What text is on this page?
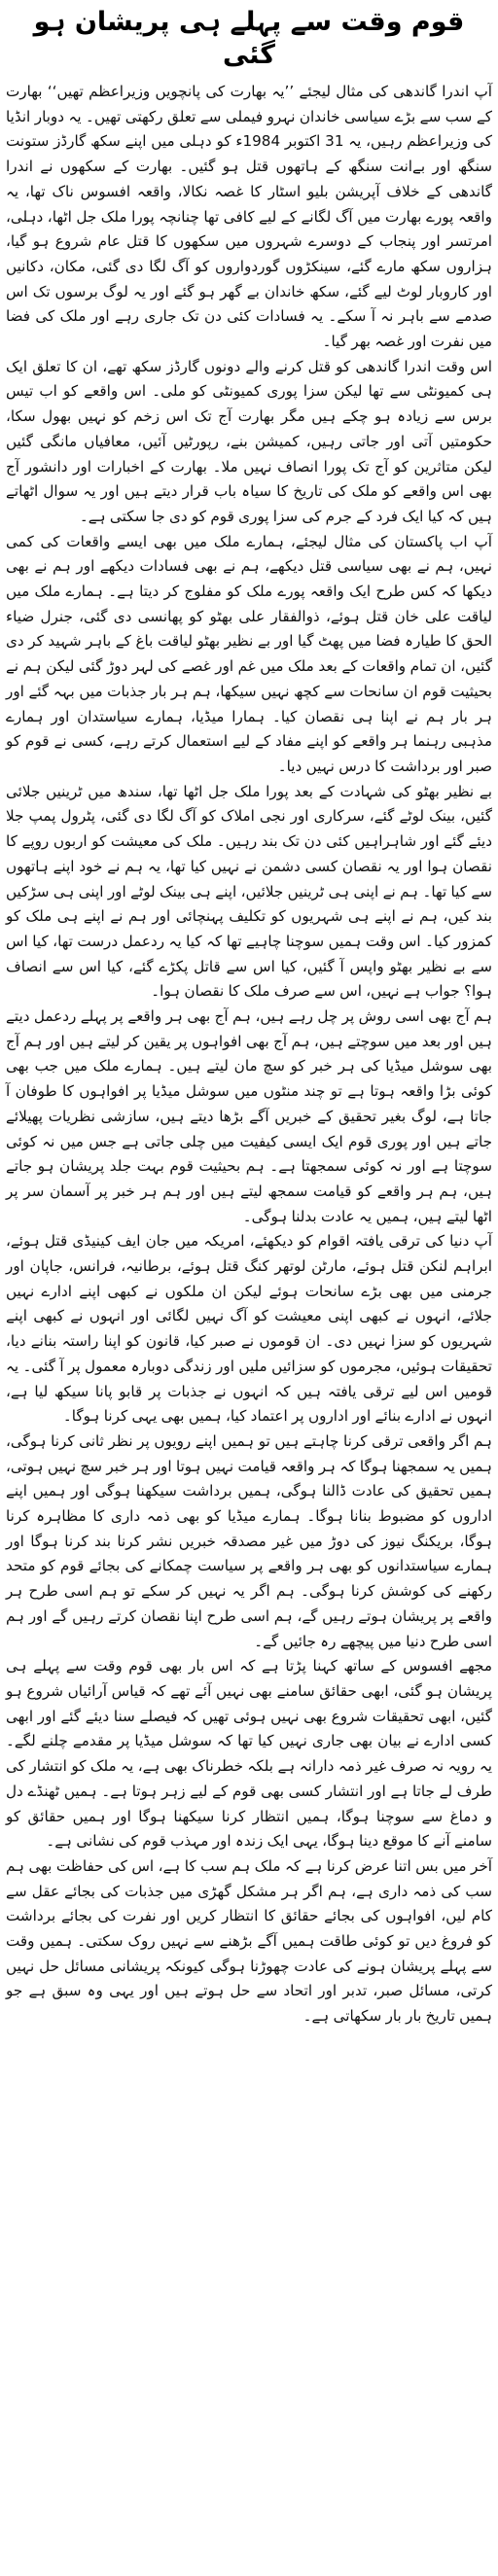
قوم وقت سے پہلے ہی پریشان ہو گئی

آپ اندرا گاندھی کی مثال لیجئے ’’یہ بھارت کی پانچویں وزیراعظم تھیں‘‘ بھارت کے سب سے بڑے سیاسی خاندان نہرو فیملی سے تعلق رکھتی تھیں۔ یہ دوبار انڈیا کی وزیراعظم رہیں، یہ 31 اکتوبر 1984ء کو دہلی میں اپنے سکھ گارڈز ستونت سنگھ اور بےانت سنگھ کے ہاتھوں قتل ہو گئیں۔ بھارت کے سکھوں نے اندرا گاندھی کے خلاف آپریشن بلیو اسٹار کا غصہ نکالا، واقعہ افسوس ناک تھا، یہ واقعہ پورے بھارت میں آگ لگانے کے لیے کافی تھا چنانچہ پورا ملک جل اٹھا، دہلی، امرتسر اور پنجاب کے دوسرے شہروں میں سکھوں کا قتل عام شروع ہو گیا، ہزاروں سکھ مارے گئے، سینکڑوں گوردواروں کو آگ لگا دی گئی، مکان، دکانیں اور کاروبار لوٹ لیے گئے، سکھ خاندان بے گھر ہو گئے اور یہ لوگ برسوں تک اس صدمے سے باہر نہ آ سکے۔ یہ فسادات کئی دن تک جاری رہے اور ملک کی فضا میں نفرت اور غصہ بھر گیا۔

اس وقت اندرا گاندھی کو قتل کرنے والے دونوں گارڈز سکھ تھے، ان کا تعلق ایک ہی کمیونٹی سے تھا لیکن سزا پوری کمیونٹی کو ملی۔ اس واقعے کو اب تیس برس سے زیادہ ہو چکے ہیں مگر بھارت آج تک اس زخم کو نہیں بھول سکا، حکومتیں آتی اور جاتی رہیں، کمیشن بنے، رپورٹیں آئیں، معافیاں مانگی گئیں لیکن متاثرین کو آج تک پورا انصاف نہیں ملا۔ بھارت کے اخبارات اور دانشور آج بھی اس واقعے کو ملک کی تاریخ کا سیاہ باب قرار دیتے ہیں اور یہ سوال اٹھاتے ہیں کہ کیا ایک فرد کے جرم کی سزا پوری قوم کو دی جا سکتی ہے۔

آپ اب پاکستان کی مثال لیجئے، ہمارے ملک میں بھی ایسے واقعات کی کمی نہیں، ہم نے بھی سیاسی قتل دیکھے، ہم نے بھی فسادات دیکھے اور ہم نے بھی دیکھا کہ کس طرح ایک واقعہ پورے ملک کو مفلوج کر دیتا ہے۔ ہمارے ملک میں لیاقت علی خان قتل ہوئے، ذوالفقار علی بھٹو کو پھانسی دی گئی، جنرل ضیاء الحق کا طیارہ فضا میں پھٹ گیا اور بے نظیر بھٹو لیاقت باغ کے باہر شہید کر دی گئیں، ان تمام واقعات کے بعد ملک میں غم اور غصے کی لہر دوڑ گئی لیکن ہم نے بحیثیت قوم ان سانحات سے کچھ نہیں سیکھا، ہم ہر بار جذبات میں بہہ گئے اور ہر بار ہم نے اپنا ہی نقصان کیا۔ ہمارا میڈیا، ہمارے سیاستدان اور ہمارے مذہبی رہنما ہر واقعے کو اپنے مفاد کے لیے استعمال کرتے رہے، کسی نے قوم کو صبر اور برداشت کا درس نہیں دیا۔

بے نظیر بھٹو کی شہادت کے بعد پورا ملک جل اٹھا تھا، سندھ میں ٹرینیں جلائی گئیں، بینک لوٹے گئے، سرکاری اور نجی املاک کو آگ لگا دی گئی، پٹرول پمپ جلا دیئے گئے اور شاہراہیں کئی دن تک بند رہیں۔ ملک کی معیشت کو اربوں روپے کا نقصان ہوا اور یہ نقصان کسی دشمن نے نہیں کیا تھا، یہ ہم نے خود اپنے ہاتھوں سے کیا تھا۔ ہم نے اپنی ہی ٹرینیں جلائیں، اپنے ہی بینک لوٹے اور اپنی ہی سڑکیں بند کیں، ہم نے اپنے ہی شہریوں کو تکلیف پہنچائی اور ہم نے اپنے ہی ملک کو کمزور کیا۔ اس وقت ہمیں سوچنا چاہیے تھا کہ کیا یہ ردعمل درست تھا، کیا اس سے بے نظیر بھٹو واپس آ گئیں، کیا اس سے قاتل پکڑے گئے، کیا اس سے انصاف ہوا؟ جواب ہے نہیں، اس سے صرف ملک کا نقصان ہوا۔

ہم آج بھی اسی روش پر چل رہے ہیں، ہم آج بھی ہر واقعے پر پہلے ردعمل دیتے ہیں اور بعد میں سوچتے ہیں، ہم آج بھی افواہوں پر یقین کر لیتے ہیں اور ہم آج بھی سوشل میڈیا کی ہر خبر کو سچ مان لیتے ہیں۔ ہمارے ملک میں جب بھی کوئی بڑا واقعہ ہوتا ہے تو چند منٹوں میں سوشل میڈیا پر افواہوں کا طوفان آ جاتا ہے، لوگ بغیر تحقیق کے خبریں آگے بڑھا دیتے ہیں، سازشی نظریات پھیلائے جاتے ہیں اور پوری قوم ایک ایسی کیفیت میں چلی جاتی ہے جس میں نہ کوئی سوچتا ہے اور نہ کوئی سمجھتا ہے۔ ہم بحیثیت قوم بہت جلد پریشان ہو جاتے ہیں، ہم ہر واقعے کو قیامت سمجھ لیتے ہیں اور ہم ہر خبر پر آسمان سر پر اٹھا لیتے ہیں، ہمیں یہ عادت بدلنا ہوگی۔

آپ دنیا کی ترقی یافتہ اقوام کو دیکھئے، امریکہ میں جان ایف کینیڈی قتل ہوئے، ابراہم لنکن قتل ہوئے، مارٹن لوتھر کنگ قتل ہوئے، برطانیہ، فرانس، جاپان اور جرمنی میں بھی بڑے سانحات ہوئے لیکن ان ملکوں نے کبھی اپنے ادارے نہیں جلائے، انہوں نے کبھی اپنی معیشت کو آگ نہیں لگائی اور انہوں نے کبھی اپنے شہریوں کو سزا نہیں دی۔ ان قوموں نے صبر کیا، قانون کو اپنا راستہ بنانے دیا، تحقیقات ہوئیں، مجرموں کو سزائیں ملیں اور زندگی دوبارہ معمول پر آ گئی۔ یہ قومیں اس لیے ترقی یافتہ ہیں کہ انہوں نے جذبات پر قابو پانا سیکھ لیا ہے، انہوں نے ادارے بنائے اور اداروں پر اعتماد کیا، ہمیں بھی یہی کرنا ہوگا۔

ہم اگر واقعی ترقی کرنا چاہتے ہیں تو ہمیں اپنے رویوں پر نظر ثانی کرنا ہوگی، ہمیں یہ سمجھنا ہوگا کہ ہر واقعہ قیامت نہیں ہوتا اور ہر خبر سچ نہیں ہوتی، ہمیں تحقیق کی عادت ڈالنا ہوگی، ہمیں برداشت سیکھنا ہوگی اور ہمیں اپنے اداروں کو مضبوط بنانا ہوگا۔ ہمارے میڈیا کو بھی ذمہ داری کا مظاہرہ کرنا ہوگا، بریکنگ نیوز کی دوڑ میں غیر مصدقہ خبریں نشر کرنا بند کرنا ہوگا اور ہمارے سیاستدانوں کو بھی ہر واقعے پر سیاست چمکانے کی بجائے قوم کو متحد رکھنے کی کوشش کرنا ہوگی۔ ہم اگر یہ نہیں کر سکے تو ہم اسی طرح ہر واقعے پر پریشان ہوتے رہیں گے، ہم اسی طرح اپنا نقصان کرتے رہیں گے اور ہم اسی طرح دنیا میں پیچھے رہ جائیں گے۔

مجھے افسوس کے ساتھ کہنا پڑتا ہے کہ اس بار بھی قوم وقت سے پہلے ہی پریشان ہو گئی، ابھی حقائق سامنے بھی نہیں آئے تھے کہ قیاس آرائیاں شروع ہو گئیں، ابھی تحقیقات شروع بھی نہیں ہوئی تھیں کہ فیصلے سنا دیئے گئے اور ابھی کسی ادارے نے بیان بھی جاری نہیں کیا تھا کہ سوشل میڈیا پر مقدمے چلنے لگے۔ یہ رویہ نہ صرف غیر ذمہ دارانہ ہے بلکہ خطرناک بھی ہے، یہ ملک کو انتشار کی طرف لے جاتا ہے اور انتشار کسی بھی قوم کے لیے زہر ہوتا ہے۔ ہمیں ٹھنڈے دل و دماغ سے سوچنا ہوگا، ہمیں انتظار کرنا سیکھنا ہوگا اور ہمیں حقائق کو سامنے آنے کا موقع دینا ہوگا، یہی ایک زندہ اور مہذب قوم کی نشانی ہے۔

آخر میں بس اتنا عرض کرنا ہے کہ ملک ہم سب کا ہے، اس کی حفاظت بھی ہم سب کی ذمہ داری ہے، ہم اگر ہر مشکل گھڑی میں جذبات کی بجائے عقل سے کام لیں، افواہوں کی بجائے حقائق کا انتظار کریں اور نفرت کی بجائے برداشت کو فروغ دیں تو کوئی طاقت ہمیں آگے بڑھنے سے نہیں روک سکتی۔ ہمیں وقت سے پہلے پریشان ہونے کی عادت چھوڑنا ہوگی کیونکہ پریشانی مسائل حل نہیں کرتی، مسائل صبر، تدبر اور اتحاد سے حل ہوتے ہیں اور یہی وہ سبق ہے جو ہمیں تاریخ بار بار سکھاتی ہے۔
